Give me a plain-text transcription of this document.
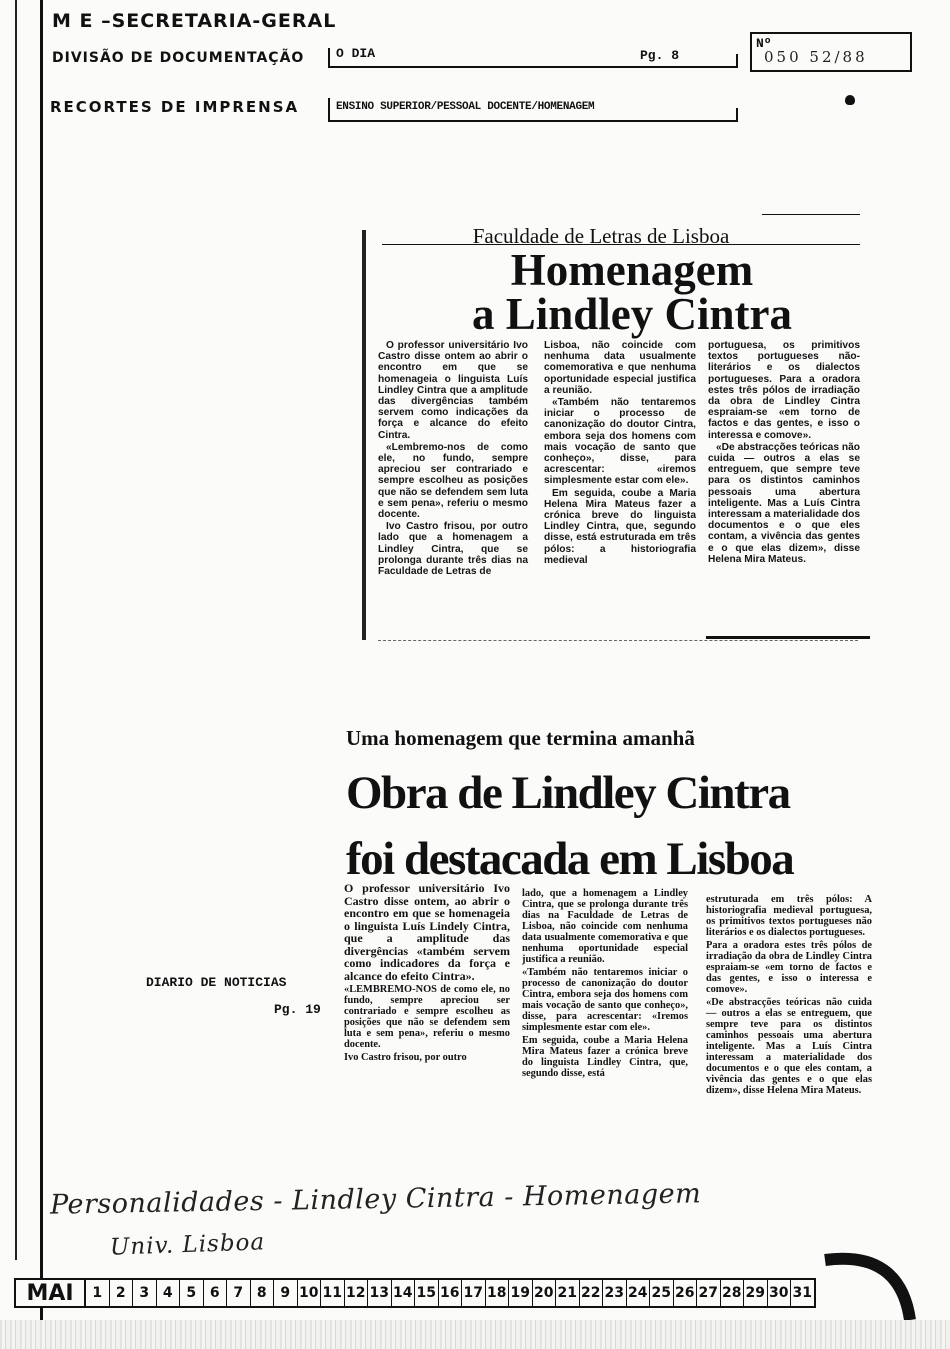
M E –SECRETARIA-GERAL
DIVISÃO DE DOCUMENTAÇÃO
RECORTES DE IMPRENSA
O DIA	Pg. 8
Nº
050 52/88
ENSINO SUPERIOR/PESSOAL DOCENTE/HOMENAGEM
Faculdade de Letras de Lisboa
Homenagem
a Lindley Cintra

O professor universitário Ivo Castro disse ontem ao abrir o encontro em que se homenageia o linguista Luís Lindley Cintra que a amplitude das divergências também servem como indicações da força e alcance do efeito Cintra.

«Lembremo-nos de como ele, no fundo, sempre apreciou ser contrariado e sempre escolheu as posições que não se defendem sem luta e sem pena», referiu o mesmo docente.

Ivo Castro frisou, por outro lado que a homenagem a Lindley Cintra, que se prolonga durante três dias na Faculdade de Letras de

Lisboa, não coincide com nenhuma data usualmente comemorativa e que nenhuma oportunidade especial justifica a reunião.

«Também não tentaremos iniciar o processo de canonização do doutor Cintra, embora seja dos homens com mais vocação de santo que conheço», disse, para acrescentar: «iremos simplesmente estar com ele».

Em seguida, coube a Maria Helena Mira Mateus fazer a crónica breve do linguista Lindley Cintra, que, segundo disse, está estruturada em três pólos: a historiografia medieval

portuguesa, os primitivos textos portugueses não-literários e os dialectos portugueses. Para a oradora estes três pólos de irradiação da obra de Lindley Cintra espraiam-se «em torno de factos e das gentes, e isso o interessa e comove».

«De abstracções teóricas não cuida — outros a elas se entreguem, que sempre teve para os distintos caminhos pessoais uma abertura inteligente. Mas a Luís Cintra interessam a materialidade dos documentos e o que eles contam, a vivência das gentes e o que elas dizem», disse Helena Mira Mateus.

Uma homenagem que termina amanhã
Obra de Lindley Cintra
foi destacada em Lisboa

O professor universitário Ivo Castro disse ontem, ao abrir o encontro em que se homenageia o linguista Luís Lindely Cintra, que a amplitude das divergências «também servem como indicadores da força e alcance do efeito Cintra».

«LEMBREMO-NOS de como ele, no fundo, sempre apreciou ser contrariado e sempre escolheu as posições que não se defendem sem luta e sem pena», referiu o mesmo docente.

Ivo Castro frisou, por outro

lado, que a homenagem a Lindley Cintra, que se prolonga durante três dias na Faculdade de Letras de Lisboa, não coincide com nenhuma data usualmente comemorativa e que nenhuma oportunidade especial justifica a reunião.

«Também não tentaremos iniciar o processo de canonização do doutor Cintra, embora seja dos homens com mais vocação de santo que conheço», disse, para acrescentar: «Iremos simplesmente estar com ele».

Em seguida, coube a Maria Helena Mira Mateus fazer a crónica breve do linguista Lindley Cintra, que, segundo disse, está

estruturada em três pólos: A historiografia medieval portuguesa, os primitivos textos portugueses não literários e os dialectos portugueses.

Para a oradora estes três pólos de irradiação da obra de Lindley Cintra espraiam-se «em torno de factos e das gentes, e isso o interessa e comove».

«De abstracções teóricas não cuida — outros a elas se entreguem, que sempre teve para os distintos caminhos pessoais uma abertura inteligente. Mas a Luís Cintra interessam a materialidade dos documentos e o que eles contam, a vivência das gentes e o que elas dizem», disse Helena Mira Mateus.

DIARIO DE NOTICIAS
Pg. 19
Personalidades - Lindley Cintra - Homenagem
Univ. Lisboa
MAI	1 2 3 4 5 6 7 8 9 10 11 12 13 14 15 16 17 18 19 20 21 22 23 24 25 26 27 28 29 30 31
